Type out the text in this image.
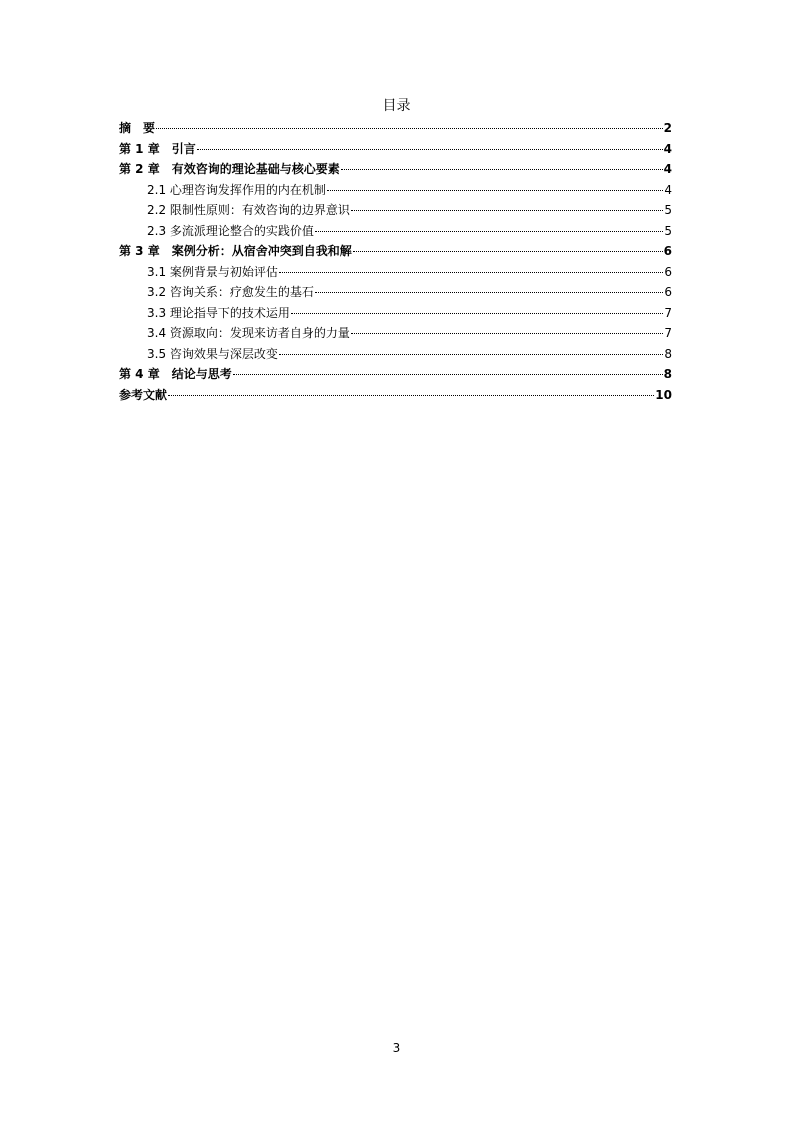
目录
摘　要	2
第 1 章　引言	4
第 2 章　有效咨询的理论基础与核心要素	4
2.1 心理咨询发挥作用的内在机制	4
2.2 限制性原则：有效咨询的边界意识	5
2.3 多流派理论整合的实践价值	5
第 3 章　案例分析：从宿舍冲突到自我和解	6
3.1 案例背景与初始评估	6
3.2 咨询关系：疗愈发生的基石	6
3.3 理论指导下的技术运用	7
3.4 资源取向：发现来访者自身的力量	7
3.5 咨询效果与深层改变	8
第 4 章　结论与思考	8
参考文献	10
3
